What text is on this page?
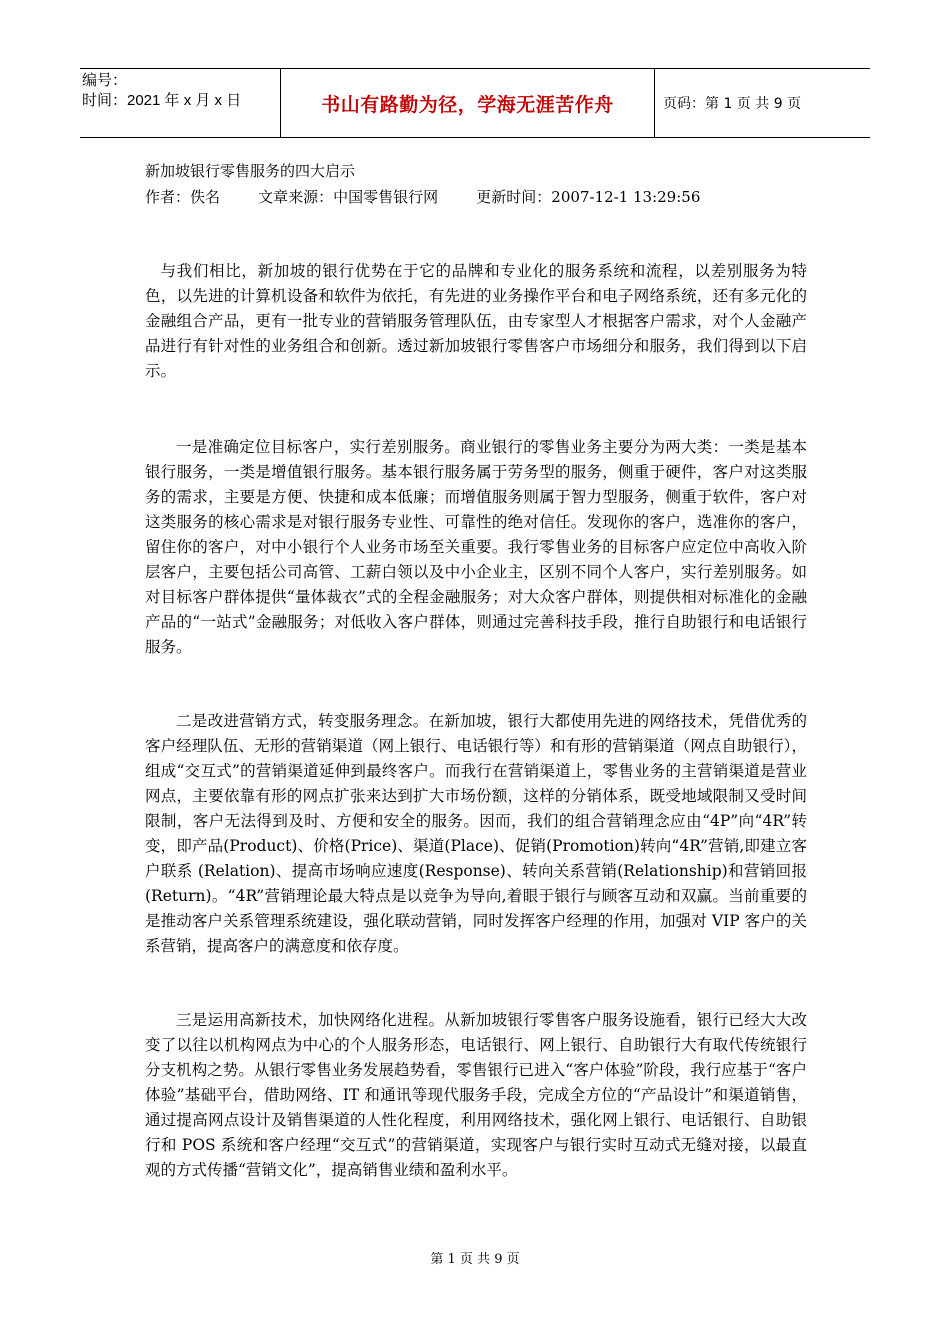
编号：
时间：2021 年 x 月 x 日	书山有路勤为径，学海无涯苦作舟	页码：第 1 页 共 9 页
新加坡银行零售服务的四大启示
作者：佚名        文章来源：中国零售银行网        更新时间：2007-12-1 13:29:56

与我们相比，新加坡的银行优势在于它的品牌和专业化的服务系统和流程，以差别服务为特色，以先进的计算机设备和软件为依托，有先进的业务操作平台和电子网络系统，还有多元化的金融组合产品，更有一批专业的营销服务管理队伍，由专家型人才根据客户需求，对个人金融产品进行有针对性的业务组合和创新。透过新加坡银行零售客户市场细分和服务，我们得到以下启示。

一是准确定位目标客户，实行差别服务。商业银行的零售业务主要分为两大类：一类是基本银行服务，一类是增值银行服务。基本银行服务属于劳务型的服务，侧重于硬件，客户对这类服务的需求，主要是方便、快捷和成本低廉；而增值服务则属于智力型服务，侧重于软件，客户对这类服务的核心需求是对银行服务专业性、可靠性的绝对信任。发现你的客户，选准你的客户，留住你的客户，对中小银行个人业务市场至关重要。我行零售业务的目标客户应定位中高收入阶层客户，主要包括公司高管、工薪白领以及中小企业主，区别不同个人客户，实行差别服务。如对目标客户群体提供“量体裁衣”式的全程金融服务；对大众客户群体，则提供相对标准化的金融产品的“一站式”金融服务；对低收入客户群体，则通过完善科技手段，推行自助银行和电话银行服务。

二是改进营销方式，转变服务理念。在新加坡，银行大都使用先进的网络技术，凭借优秀的客户经理队伍、无形的营销渠道（网上银行、电话银行等）和有形的营销渠道（网点自助银行），组成“交互式”的营销渠道延伸到最终客户。而我行在营销渠道上，零售业务的主营销渠道是营业网点，主要依靠有形的网点扩张来达到扩大市场份额，这样的分销体系，既受地域限制又受时间限制，客户无法得到及时、方便和安全的服务。因而，我们的组合营销理念应由“4P”向“4R”转变，即产品(Product)、价格(Price)、渠道(Place)、促销(Promotion)转向“4R”营销,即建立客户联系 (Relation)、提高市场响应速度(Response)、转向关系营销(Relationship)和营销回报(Return)。“4R”营销理论最大特点是以竞争为导向,着眼于银行与顾客互动和双赢。当前重要的是推动客户关系管理系统建设，强化联动营销，同时发挥客户经理的作用，加强对 VIP 客户的关系营销，提高客户的满意度和依存度。

三是运用高新技术，加快网络化进程。从新加坡银行零售客户服务设施看，银行已经大大改变了以往以机构网点为中心的个人服务形态，电话银行、网上银行、自助银行大有取代传统银行分支机构之势。从银行零售业务发展趋势看，零售银行已进入“客户体验”阶段，我行应基于“客户体验”基础平台，借助网络、IT 和通讯等现代服务手段，完成全方位的“产品设计”和渠道销售，通过提高网点设计及销售渠道的人性化程度，利用网络技术，强化网上银行、电话银行、自助银行和 POS 系统和客户经理“交互式”的营销渠道，实现客户与银行实时互动式无缝对接，以最直观的方式传播“营销文化”，提高销售业绩和盈利水平。

第 1 页 共 9 页
